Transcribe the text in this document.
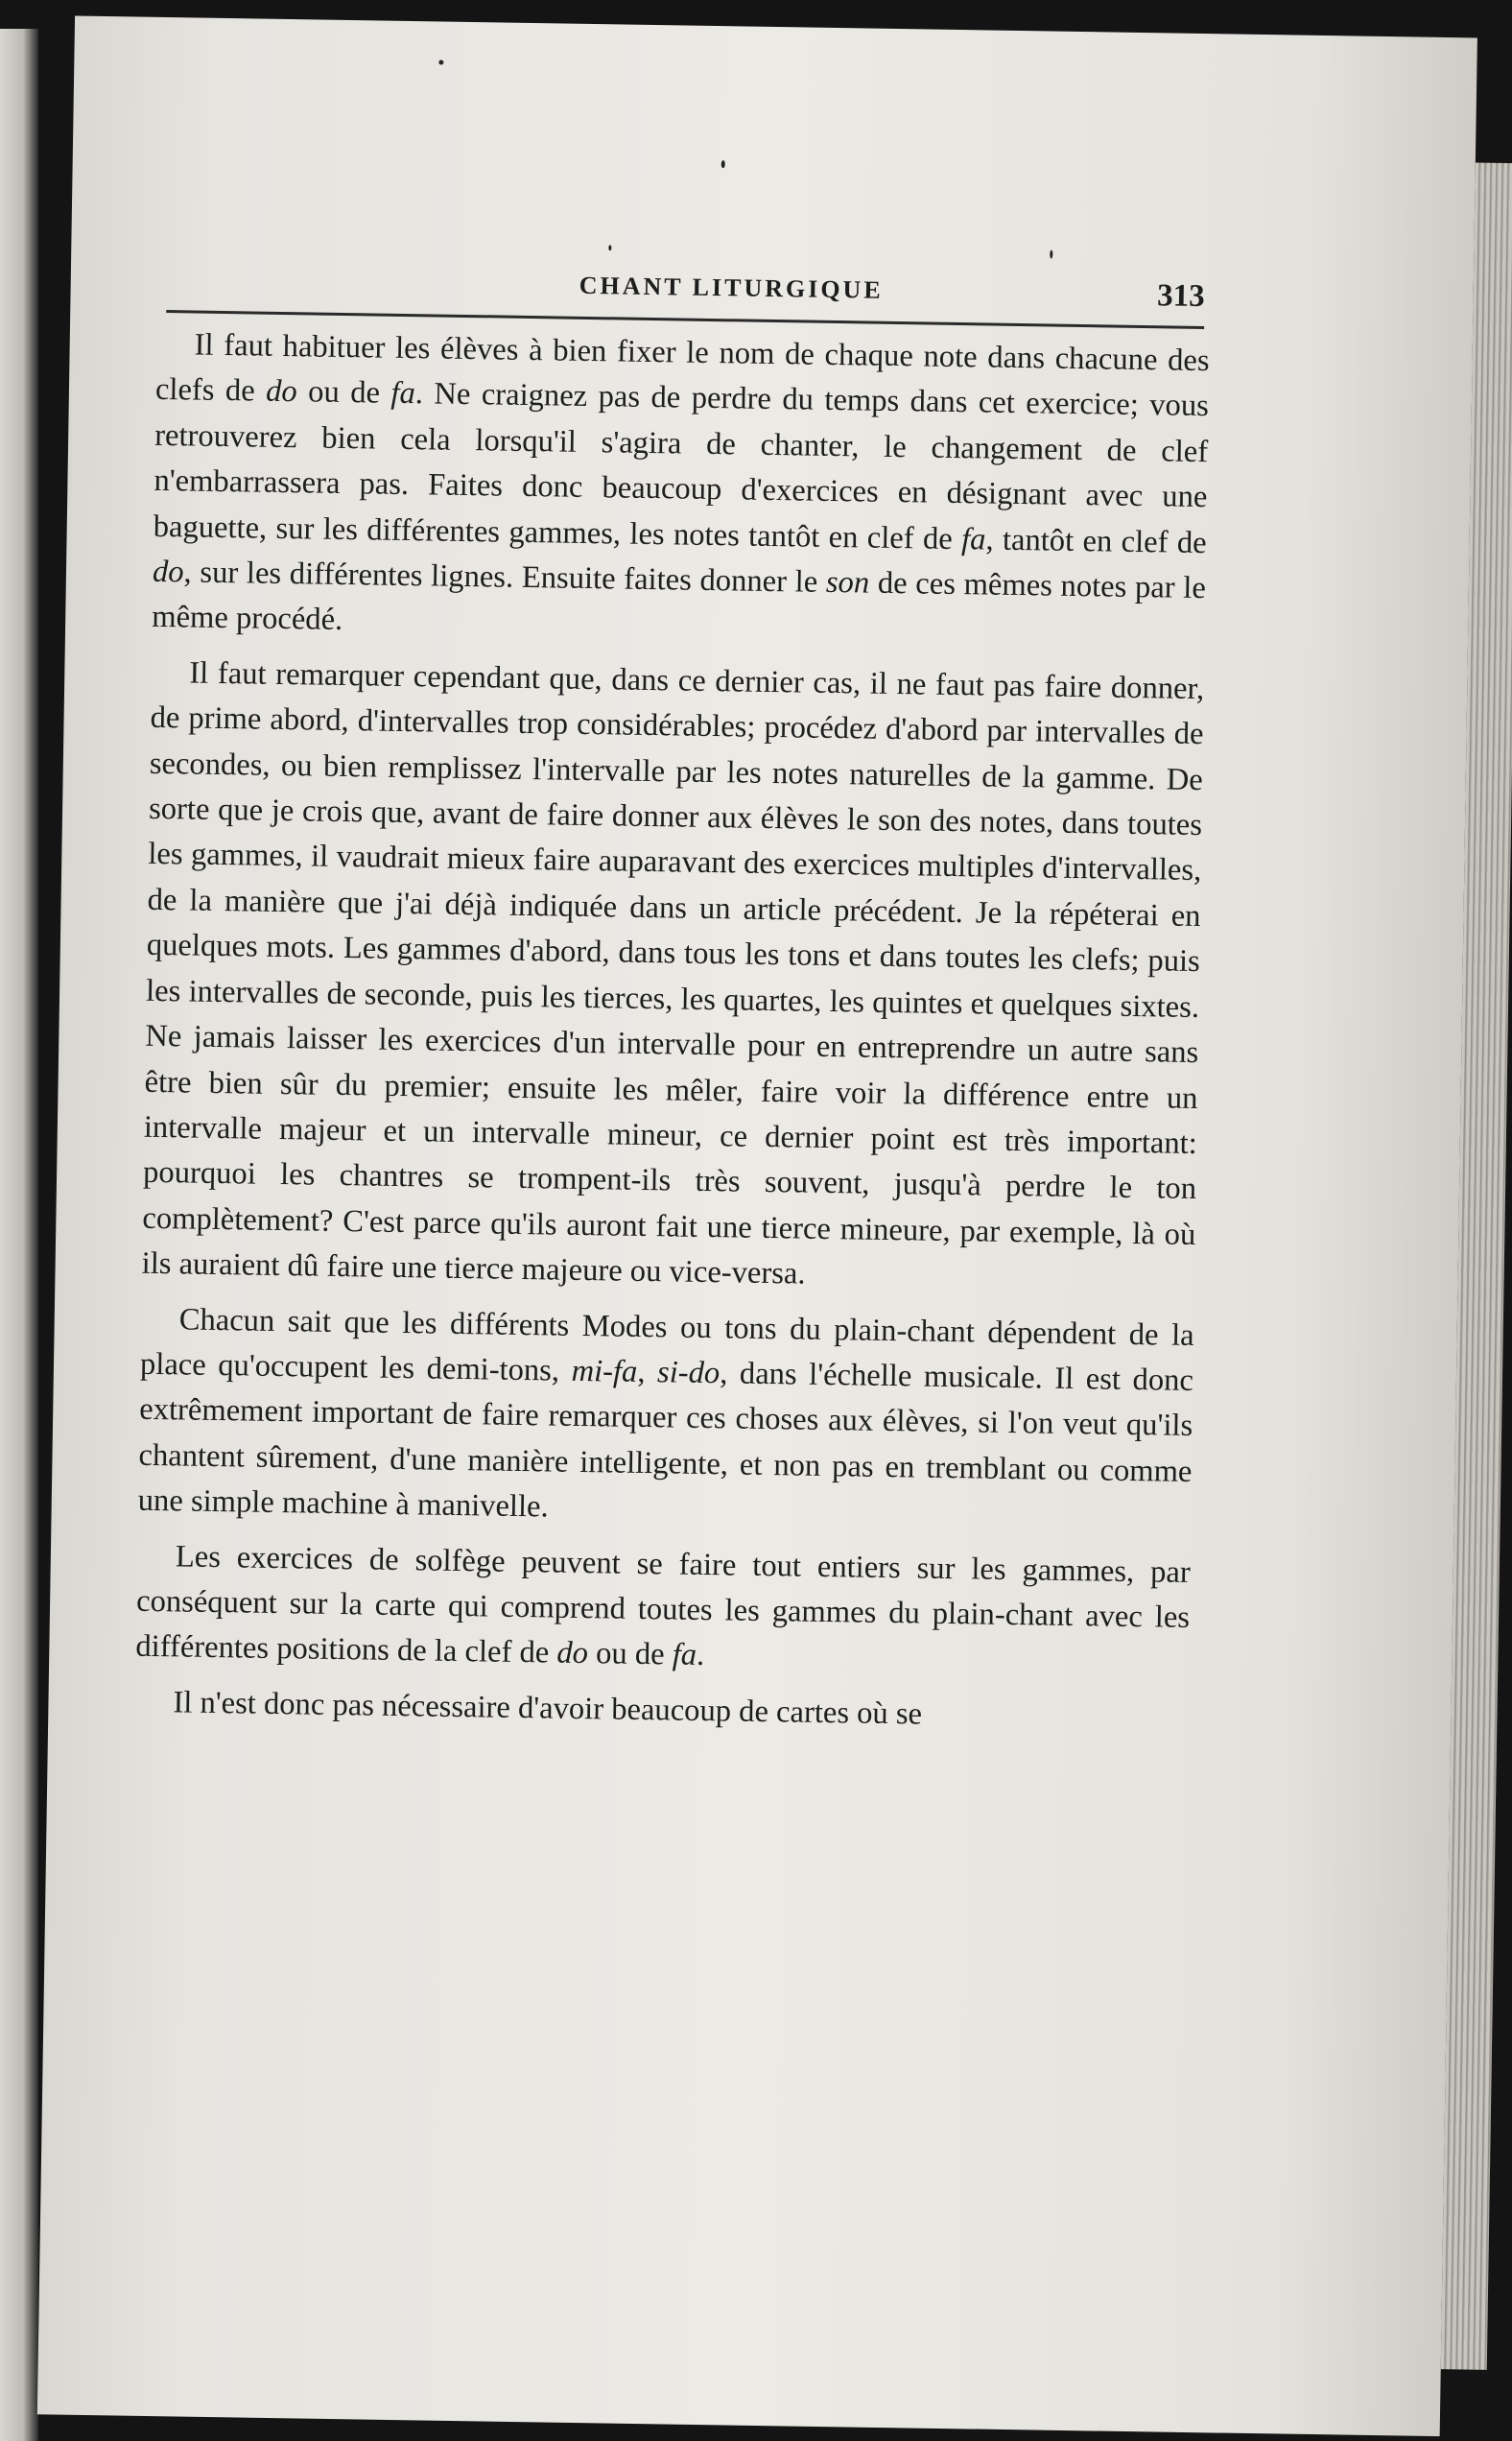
CHANT LITURGIQUE	313

Il faut habituer les élèves à bien fixer le nom de chaque note dans chacune des clefs de do ou de fa. Ne craignez pas de perdre du temps dans cet exercice; vous retrouverez bien cela lorsqu'il s'agira de chanter, le changement de clef n'embarrassera pas. Faites donc beaucoup d'exercices en désignant avec une baguette, sur les différentes gammes, les notes tantôt en clef de fa, tantôt en clef de do, sur les différentes lignes. Ensuite faites donner le son de ces mêmes notes par le même procédé.

Il faut remarquer cependant que, dans ce dernier cas, il ne faut pas faire donner, de prime abord, d'intervalles trop considérables; procédez d'abord par intervalles de secondes, ou bien remplissez l'intervalle par les notes naturelles de la gamme. De sorte que je crois que, avant de faire donner aux élèves le son des notes, dans toutes les gammes, il vaudrait mieux faire auparavant des exercices multiples d'intervalles, de la manière que j'ai déjà indiquée dans un article précédent. Je la répéterai en quelques mots. Les gammes d'abord, dans tous les tons et dans toutes les clefs; puis les intervalles de seconde, puis les tierces, les quartes, les quintes et quelques sixtes. Ne jamais laisser les exercices d'un intervalle pour en entreprendre un autre sans être bien sûr du premier; ensuite les mêler, faire voir la différence entre un intervalle majeur et un intervalle mineur, ce dernier point est très important: pourquoi les chantres se trompent-ils très souvent, jusqu'à perdre le ton complètement? C'est parce qu'ils auront fait une tierce mineure, par exemple, là où ils auraient dû faire une tierce majeure ou vice-versa.

Chacun sait que les différents Modes ou tons du plain-chant dépendent de la place qu'occupent les demi-tons, mi-fa, si-do, dans l'échelle musicale. Il est donc extrêmement important de faire remarquer ces choses aux élèves, si l'on veut qu'ils chantent sûrement, d'une manière intelligente, et non pas en tremblant ou comme une simple machine à manivelle.

Les exercices de solfège peuvent se faire tout entiers sur les gammes, par conséquent sur la carte qui comprend toutes les gammes du plain-chant avec les différentes positions de la clef de do ou de fa.

Il n'est donc pas nécessaire d'avoir beaucoup de cartes où se
